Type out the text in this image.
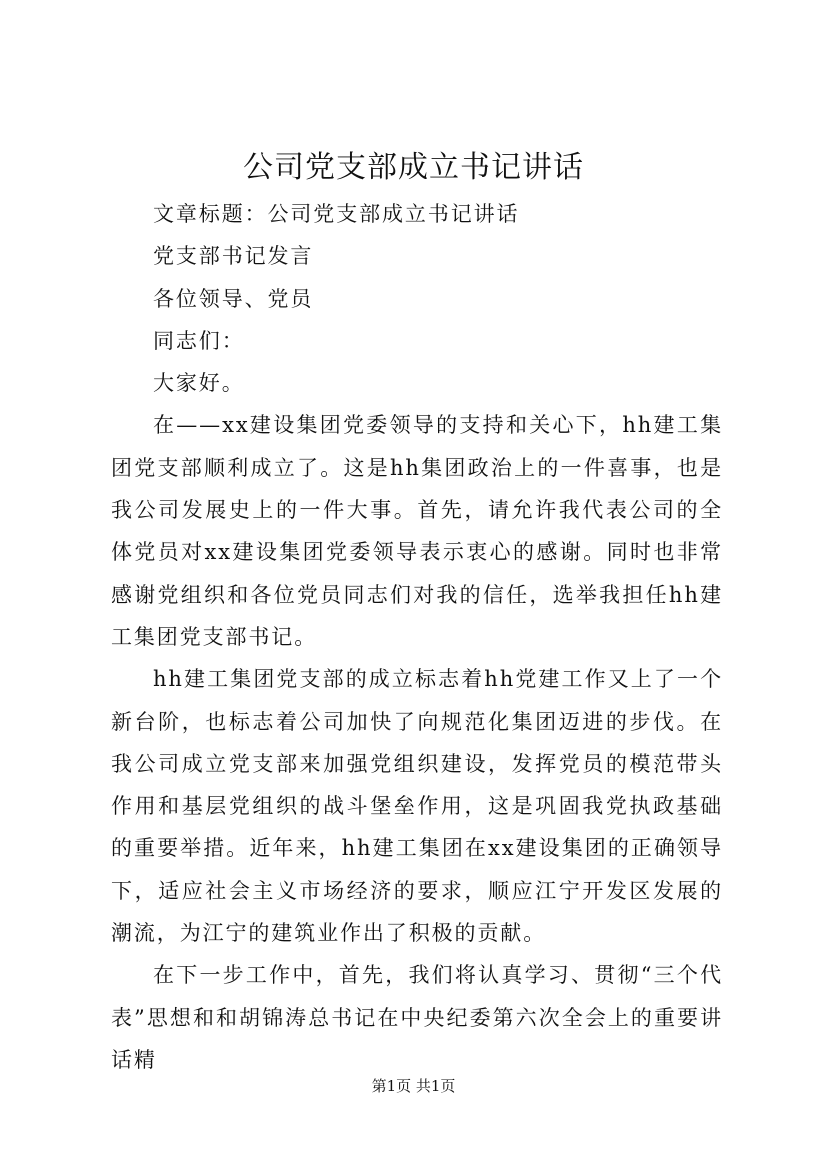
公司党支部成立书记讲话

文章标题：公司党支部成立书记讲话

党支部书记发言

各位领导、党员

同志们：

大家好。

在——xx建设集团党委领导的支持和关心下，hh建工集团党支部顺利成立了。这是hh集团政治上的一件喜事，也是我公司发展史上的一件大事。首先，请允许我代表公司的全体党员对xx建设集团党委领导表示衷心的感谢。同时也非常感谢党组织和各位党员同志们对我的信任，选举我担任hh建工集团党支部书记。

hh建工集团党支部的成立标志着hh党建工作又上了一个新台阶，也标志着公司加快了向规范化集团迈进的步伐。在我公司成立党支部来加强党组织建设，发挥党员的模范带头作用和基层党组织的战斗堡垒作用，这是巩固我党执政基础的重要举措。近年来，hh建工集团在xx建设集团的正确领导下，适应社会主义市场经济的要求，顺应江宁开发区发展的潮流，为江宁的建筑业作出了积极的贡献。

在下一步工作中，首先，我们将认真学习、贯彻“三个代表”思想和和胡锦涛总书记在中央纪委第六次全会上的重要讲话精

第1页 共1页
